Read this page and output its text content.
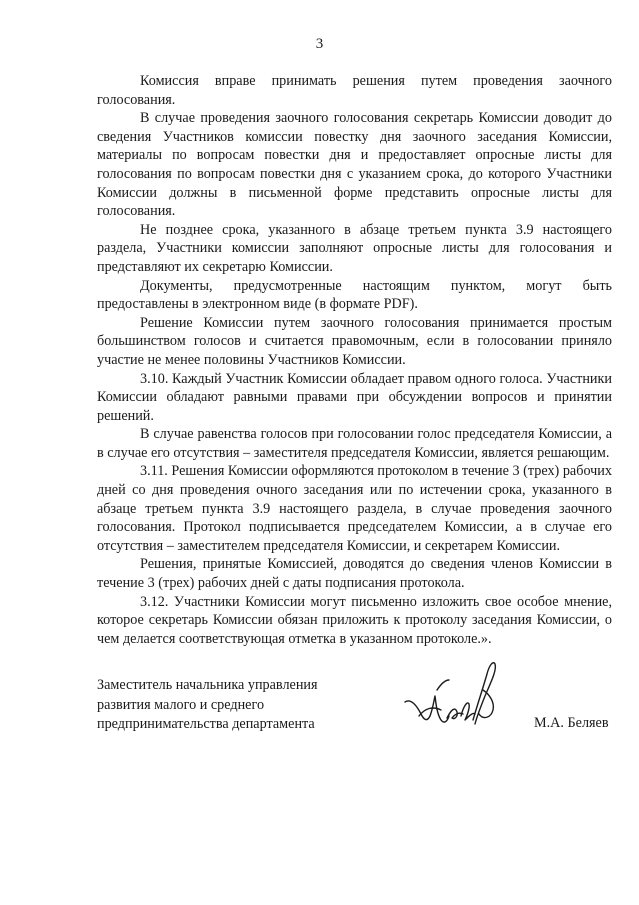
3

Комиссия вправе принимать решения путем проведения заочного голосования.

В случае проведения заочного голосования секретарь Комиссии доводит до сведения Участников комиссии повестку дня заочного заседания Комиссии, материалы по вопросам повестки дня и предоставляет опросные листы для голосования по вопросам повестки дня с указанием срока, до которого Участники Комиссии должны в письменной форме представить опросные листы для голосования.

Не позднее срока, указанного в абзаце третьем пункта 3.9 настоящего раздела, Участники комиссии заполняют опросные листы для голосования и представляют их секретарю Комиссии.

Документы, предусмотренные настоящим пунктом, могут быть предоставлены в электронном виде (в формате PDF).

Решение Комиссии путем заочного голосования принимается простым большинством голосов и считается правомочным, если в голосовании приняло участие не менее половины Участников Комиссии.

3.10. Каждый Участник Комиссии обладает правом одного голоса. Участники Комиссии обладают равными правами при обсуждении вопросов и принятии решений.

В случае равенства голосов при голосовании голос председателя Комиссии, а в случае его отсутствия – заместителя председателя Комиссии, является решающим.

3.11. Решения Комиссии оформляются протоколом в течение 3 (трех) рабочих дней со дня проведения очного заседания или по истечении срока, указанного в абзаце третьем пункта 3.9 настоящего раздела, в случае проведения заочного голосования. Протокол подписывается председателем Комиссии, а в случае его отсутствия – заместителем председателя Комиссии, и секретарем Комиссии.

Решения, принятые Комиссией, доводятся до сведения членов Комиссии в течение 3 (трех) рабочих дней с даты подписания протокола.

3.12. Участники Комиссии могут письменно изложить свое особое мнение, которое секретарь Комиссии обязан приложить к протоколу заседания Комиссии, о чем делается соответствующая отметка в указанном протоколе.».

Заместитель начальника управления
развития малого и среднего
предпринимательства департамента	М.А. Беляев
